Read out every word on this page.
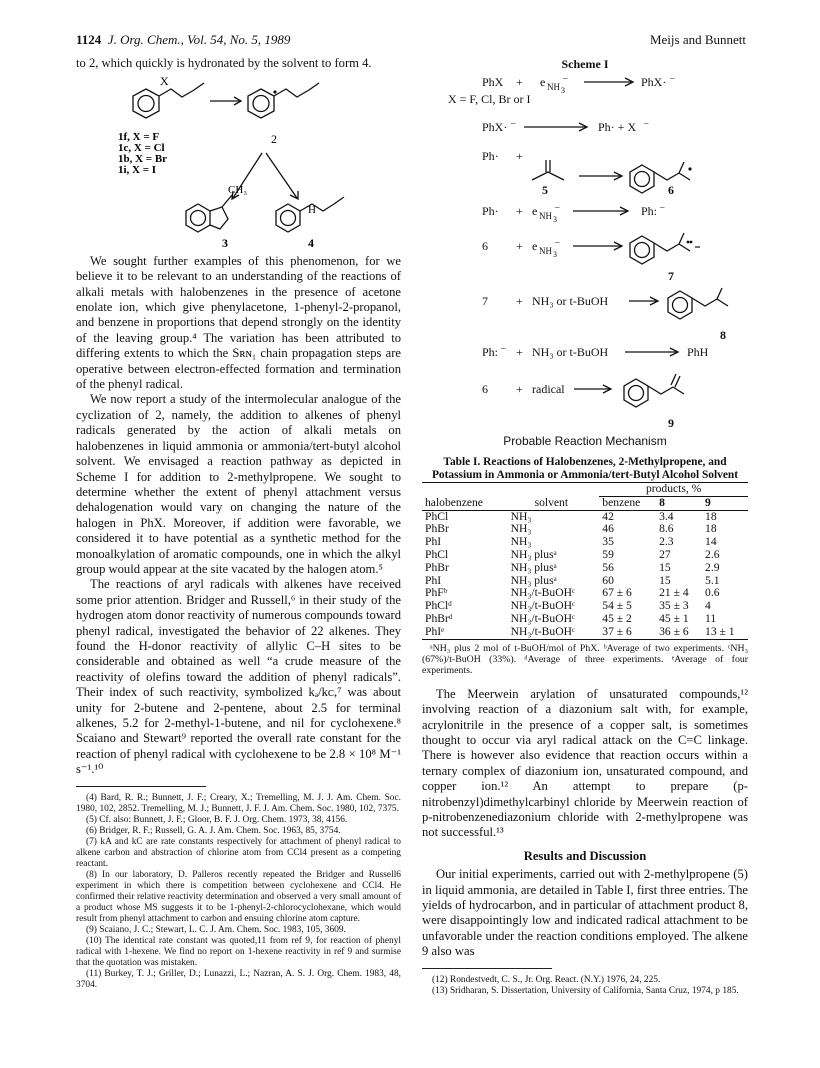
1124 J. Org. Chem., Vol. 54, No. 5, 1989	Meijs and Bunnett

to 2, which quickly is hydronated by the solvent to form 4.

X
2
1f, X = F
1c, X = Cl
1b, X = Br
1i, X = I
CH₃
H
3	4

We sought further examples of this phenomenon, for we believe it to be relevant to an understanding of the reactions of alkali metals with halobenzenes in the presence of acetone enolate ion, which give phenylacetone, 1-phenyl-2-propanol, and benzene in proportions that depend strongly on the identity of the leaving group.⁴ The variation has been attributed to differing extents to which the Sʀɴ₁ chain propagation steps are operative between electron-effected formation and termination of the phenyl radical.

We now report a study of the intermolecular analogue of the cyclization of 2, namely, the addition to alkenes of phenyl radicals generated by the action of alkali metals on halobenzenes in liquid ammonia or ammonia/tert-butyl alcohol solvent. We envisaged a reaction pathway as depicted in Scheme I for addition to 2-methylpropene. We sought to determine whether the extent of phenyl attachment versus dehalogenation would vary on changing the nature of the halogen in PhX. Moreover, if addition were favorable, we considered it to have potential as a synthetic method for the monoalkylation of aromatic compounds, one in which the alkyl group would appear at the site vacated by the halogen atom.⁵

The reactions of aryl radicals with alkenes have received some prior attention. Bridger and Russell,⁶ in their study of the hydrogen atom donor reactivity of numerous compounds toward phenyl radical, investigated the behavior of 22 alkenes. They found the H-donor reactivity of allylic C–H sites to be considerable and obtained as well “a crude measure of the reactivity of olefins toward the addition of phenyl radicals”. Their index of such reactivity, symbolized kₐ/kᴄ,⁷ was about unity for 2-butene and 2-pentene, about 2.5 for terminal alkenes, 5.2 for 2-methyl-1-butene, and nil for cyclohexene.⁸ Scaiano and Stewart⁹ reported the overall rate constant for the reaction of phenyl radical with cyclohexene to be 2.8 × 10⁸ M⁻¹ s⁻¹.¹⁰

(4) Bard, R. R.; Bunnett, J. F.; Creary, X.; Tremelling, M. J. J. Am. Chem. Soc. 1980, 102, 2852. Tremelling, M. J.; Bunnett, J. F. J. Am. Chem. Soc. 1980, 102, 7375.

(5) Cf. also: Bunnett, J. F.; Gloor, B. F. J. Org. Chem. 1973, 38, 4156.

(6) Bridger, R. F.; Russell, G. A. J. Am. Chem. Soc. 1963, 85, 3754.

(7) kA and kC are rate constants respectively for attachment of phenyl radical to alkene carbon and abstraction of chlorine atom from CCl4 present as a competing reactant.

(8) In our laboratory, D. Palleros recently repeated the Bridger and Russell6 experiment in which there is competition between cyclohexene and CCl4. He confirmed their relative reactivity determination and observed a very small amount of a product whose MS suggests it to be 1-phenyl-2-chlorocyclohexane, which would result from phenyl attachment to carbon and ensuing chlorine atom capture.

(9) Scaiano, J. C.; Stewart, L. C. J. Am. Chem. Soc. 1983, 105, 3609.

(10) The identical rate constant was quoted,11 from ref 9, for reaction of phenyl radical with 1-hexene. We find no report on 1-hexene reactivity in ref 9 and surmise that the quotation was mistaken.

(11) Burkey, T. J.; Griller, D.; Lunazzi, L.; Nazran, A. S. J. Org. Chem. 1983, 48, 3704.

Scheme I
PhX + e NH 3
–	PhX· –
X = F, Cl, Br or I
PhX· –	Ph· + X –
Ph· +
5	6
Ph· + e NH 3
–	Ph: –
6 + e NH 3
–
7
7 + NH₃ or t-BuOH
8
Ph: – + NH₃ or t-BuOH	PhH
6 + radical
9
Probable Reaction Mechanism
Table I. Reactions of Halobenzenes, 2-Methylpropene, and Potassium in Ammonia or Ammonia/tert-Butyl Alcohol Solvent
		products, %		
halobenzene	solvent	benzene	8	9
PhCl	NH₃	42	3.4	18
PhBr	NH₃	46	8.6	18
PhI	NH₃	35	2.3	14
PhCl	NH₃ plusᵃ	59	27	2.6
PhBr	NH₃ plusᵃ	56	15	2.9
PhI	NH₃ plusᵃ	60	15	5.1
PhFᵇ	NH₃/t-BuOHᶜ	67 ± 6	21 ± 4	0.6
PhClᵈ	NH₃/t-BuOHᶜ	54 ± 5	35 ± 3	4
PhBrᵈ	NH₃/t-BuOHᶜ	45 ± 2	45 ± 1	11
PhIᵉ	NH₃/t-BuOHᶜ	37 ± 6	36 ± 6	13 ± 1
ᵃNH₃ plus 2 mol of t-BuOH/mol of PhX. ᵇAverage of two experiments. ᶜNH₃ (67%)/t-BuOH (33%). ᵈAverage of three experiments. ᵉAverage of four experiments.

The Meerwein arylation of unsaturated compounds,¹² involving reaction of a diazonium salt with, for example, acrylonitrile in the presence of a copper salt, is sometimes thought to occur via aryl radical attack on the C=C linkage. There is however also evidence that reaction occurs within a ternary complex of diazonium ion, unsaturated compound, and copper ion.¹² An attempt to prepare (p-nitrobenzyl)dimethylcarbinyl chloride by Meerwein reaction of p-nitrobenzenediazonium chloride with 2-methylpropene was not successful.¹³

Results and Discussion

Our initial experiments, carried out with 2-methylpropene (5) in liquid ammonia, are detailed in Table I, first three entries. The yields of hydrocarbon, and in particular of attachment product 8, were disappointingly low and indicated radical attachment to be unfavorable under the reaction conditions employed. The alkene 9 also was

(12) Rondestvedt, C. S., Jr. Org. React. (N.Y.) 1976, 24, 225.

(13) Sridharan, S. Dissertation, University of California, Santa Cruz, 1974, p 185.
